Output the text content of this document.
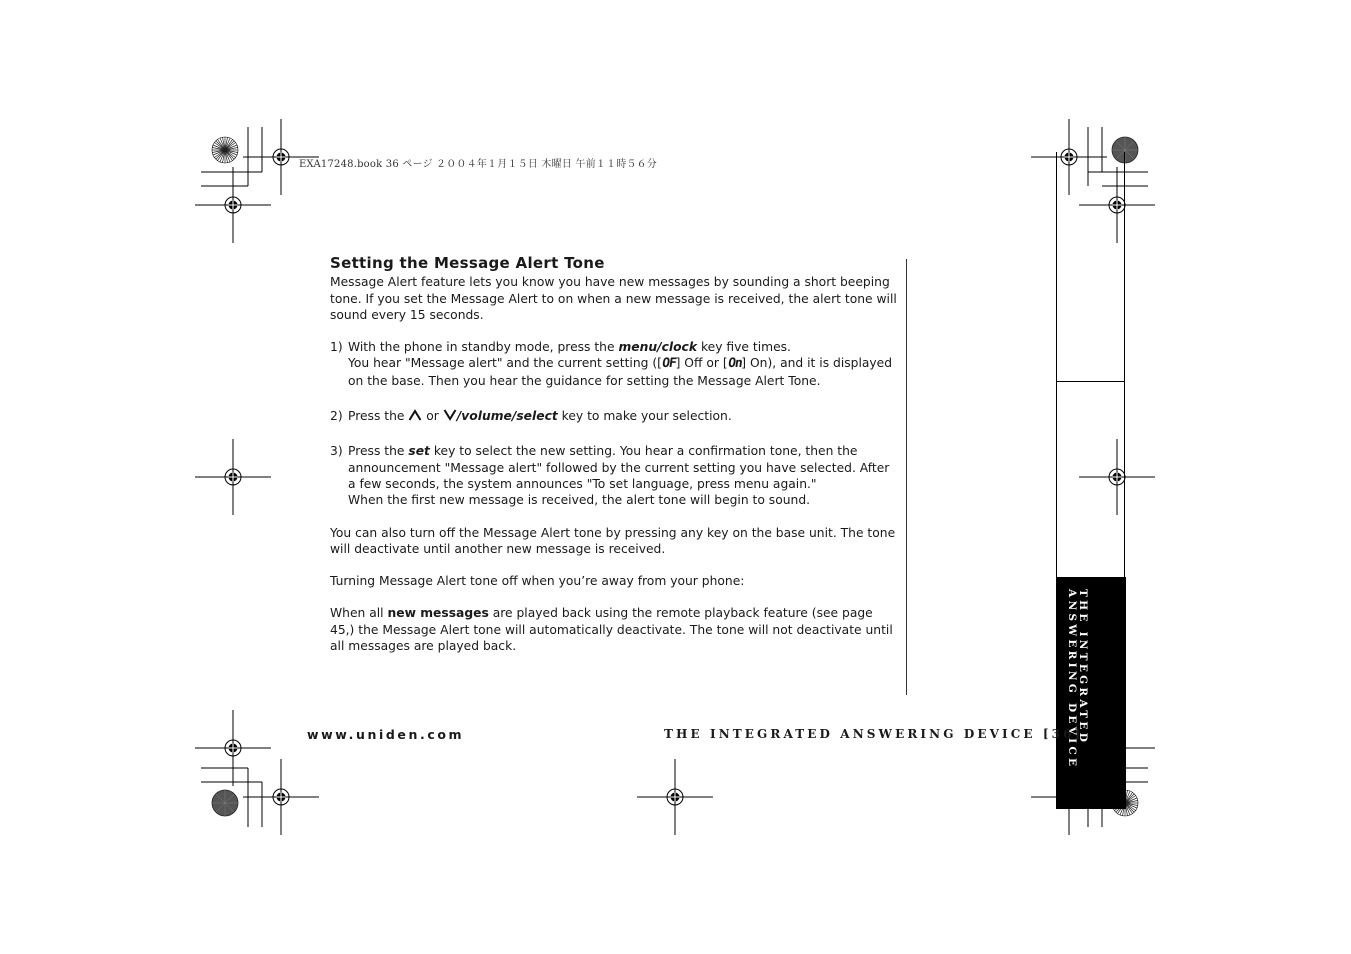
EXA17248.book 36 ページ ２００４年１月１５日 木曜日 午前１１時５６分
THE INTEGRATED
ANSWERING DEVICE
Setting the Message Alert Tone

Message Alert feature lets you know you have new messages by sounding a short beeping tone. If you set the Message Alert to on when a new message is received, the alert tone will sound every 15 seconds.

1) With the phone in standby mode, press the menu/clock key five times.

You hear "Message alert" and the current setting ([OF] Off or [On] On), and it is displayed on the base. Then you hear the guidance for setting the Message Alert Tone.

2) Press the  or /volume/select key to make your selection.

3) Press the set key to select the new setting. You hear a confirmation tone, then the announcement "Message alert" followed by the current setting you have selected. After a few seconds, the system announces "To set language, press menu again."

When the first new message is received, the alert tone will begin to sound.

You can also turn off the Message Alert tone by pressing any key on the base unit. The tone will deactivate until another new message is received.

Turning Message Alert tone off when you’re away from your phone:

When all new messages are played back using the remote playback feature (see page 45,) the Message Alert tone will automatically deactivate. The tone will not deactivate until all messages are played back.

www.uniden.com	THE INTEGRATED ANSWERING DEVICE [36]
